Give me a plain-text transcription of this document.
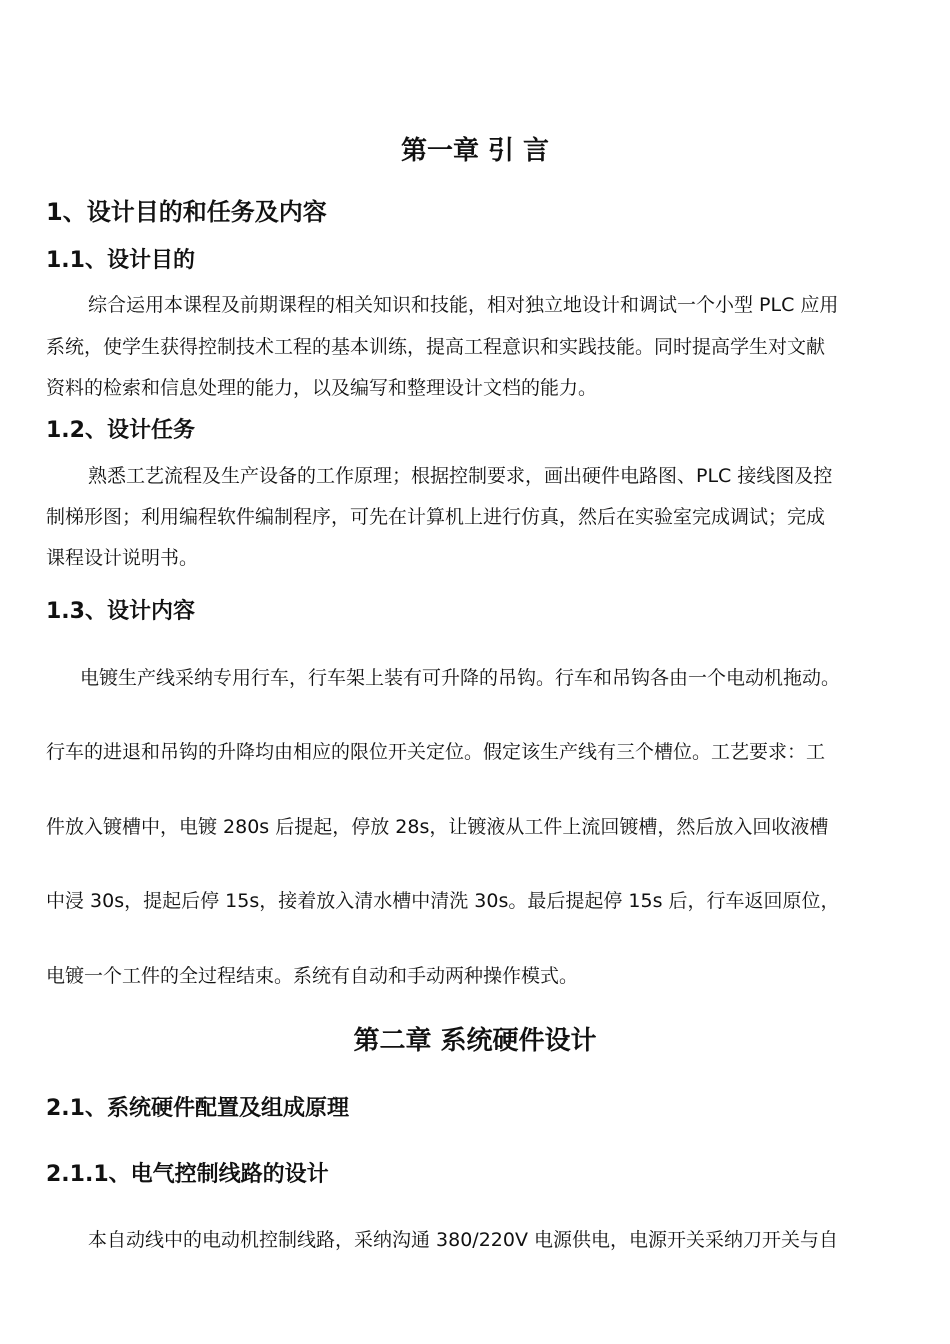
第一章 引 言
1、设计目的和任务及内容
1.1、设计目的

综合运用本课程及前期课程的相关知识和技能，相对独立地设计和调试一个小型 PLC 应用

系统，使学生获得控制技术工程的基本训练，提高工程意识和实践技能。同时提高学生对文献

资料的检索和信息处理的能力，以及编写和整理设计文档的能力。

1.2、设计任务

熟悉工艺流程及生产设备的工作原理；根据控制要求，画出硬件电路图、PLC 接线图及控

制梯形图；利用编程软件编制程序，可先在计算机上进行仿真，然后在实验室完成调试；完成

课程设计说明书。

1.3、设计内容

电镀生产线采纳专用行车，行车架上装有可升降的吊钩。行车和吊钩各由一个电动机拖动。

行车的进退和吊钩的升降均由相应的限位开关定位。假定该生产线有三个槽位。工艺要求：工

件放入镀槽中，电镀 280s 后提起，停放 28s，让镀液从工件上流回镀槽，然后放入回收液槽

中浸 30s，提起后停 15s，接着放入清水槽中清洗 30s。最后提起停 15s 后，行车返回原位，

电镀一个工件的全过程结束。系统有自动和手动两种操作模式。

第二章 系统硬件设计
2.1、系统硬件配置及组成原理
2.1.1、电气控制线路的设计

本自动线中的电动机控制线路，采纳沟通 380/220V 电源供电，电源开关采纳刀开关与自
